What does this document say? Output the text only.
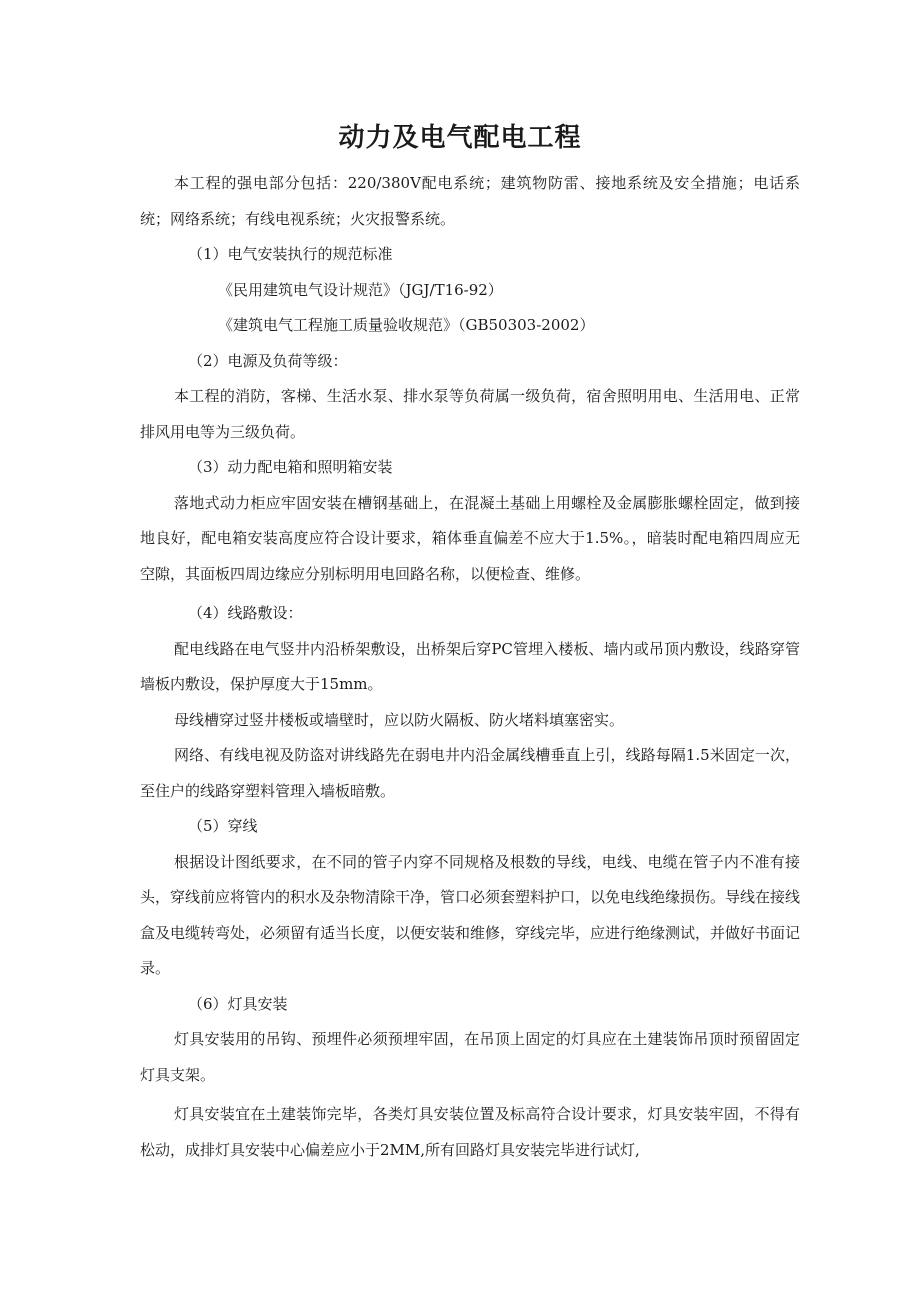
动力及电气配电工程

本工程的强电部分包括：220/380V配电系统；建筑物防雷、接地系统及安全措施；电话系统；网络系统；有线电视系统；火灾报警系统。

（1）电气安装执行的规范标准

《民用建筑电气设计规范》（JGJ/T16-92）

《建筑电气工程施工质量验收规范》（GB50303-2002）

（2）电源及负荷等级：

本工程的消防，客梯、生活水泵、排水泵等负荷属一级负荷，宿舍照明用电、生活用电、正常排风用电等为三级负荷。

（3）动力配电箱和照明箱安装

落地式动力柜应牢固安装在槽钢基础上，在混凝土基础上用螺栓及金属膨胀螺栓固定，做到接地良好，配电箱安装高度应符合设计要求，箱体垂直偏差不应大于1.5%。，暗装时配电箱四周应无空隙，其面板四周边缘应分别标明用电回路名称，以便检查、维修。

（4）线路敷设：

配电线路在电气竖井内沿桥架敷设，出桥架后穿PC管埋入楼板、墙内或吊顶内敷设，线路穿管墙板内敷设，保护厚度大于15mm。

母线槽穿过竖井楼板或墙壁时，应以防火隔板、防火堵料填塞密实。

网络、有线电视及防盗对讲线路先在弱电井内沿金属线槽垂直上引，线路每隔1.5米固定一次，至住户的线路穿塑料管理入墙板暗敷。

（5）穿线

根据设计图纸要求，在不同的管子内穿不同规格及根数的导线，电线、电缆在管子内不准有接头，穿线前应将管内的积水及杂物清除干净，管口必须套塑料护口，以免电线绝缘损伤。导线在接线盒及电缆转弯处，必须留有适当长度，以便安装和维修，穿线完毕，应进行绝缘测试，并做好书面记录。

（6）灯具安装

灯具安装用的吊钩、预埋件必须预埋牢固，在吊顶上固定的灯具应在土建装饰吊顶时预留固定灯具支架。

灯具安装宜在土建装饰完毕，各类灯具安装位置及标高符合设计要求，灯具安装牢固，不得有松动，成排灯具安装中心偏差应小于2MM,所有回路灯具安装完毕进行试灯,
